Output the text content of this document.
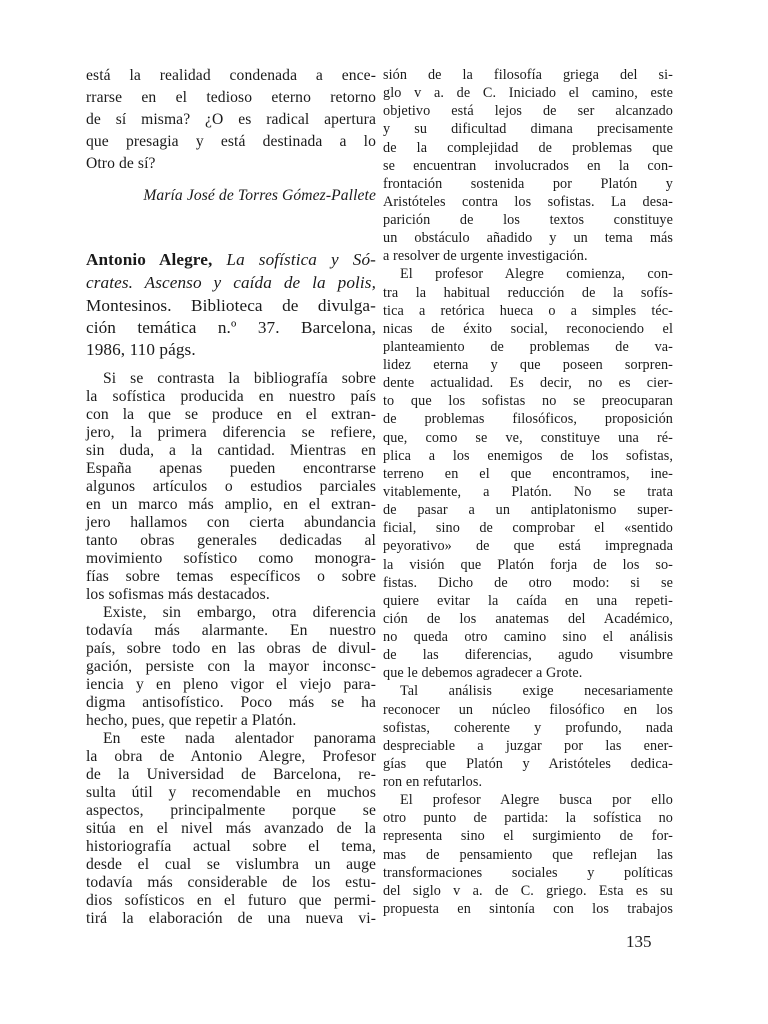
está la realidad condenada a ence-
rrarse en el tedioso eterno retorno
de sí misma? ¿O es radical apertura
que presagia y está destinada a lo
Otro de sí?
María José de Torres Gómez-Pallete
Antonio Alegre, La sofística y Só-
crates. Ascenso y caída de la polis,
Montesinos. Biblioteca de divulga-
ción temática n.º 37. Barcelona,
1986, 110 págs.
Si se contrasta la bibliografía sobre
la sofística producida en nuestro país
con la que se produce en el extran-
jero, la primera diferencia se refiere,
sin duda, a la cantidad. Mientras en
España apenas pueden encontrarse
algunos artículos o estudios parciales
en un marco más amplio, en el extran-
jero hallamos con cierta abundancia
tanto obras generales dedicadas al
movimiento sofístico como monogra-
fías sobre temas específicos o sobre
los sofismas más destacados.
Existe, sin embargo, otra diferencia
todavía más alarmante. En nuestro
país, sobre todo en las obras de divul-
gación, persiste con la mayor inconsc-
iencia y en pleno vigor el viejo para-
digma antisofístico. Poco más se ha
hecho, pues, que repetir a Platón.
En este nada alentador panorama
la obra de Antonio Alegre, Profesor
de la Universidad de Barcelona, re-
sulta útil y recomendable en muchos
aspectos, principalmente porque se
sitúa en el nivel más avanzado de la
historiografía actual sobre el tema,
desde el cual se vislumbra un auge
todavía más considerable de los estu-
dios sofísticos en el futuro que permi-
tirá la elaboración de una nueva vi-
sión de la filosofía griega del si-
glo v a. de C. Iniciado el camino, este
objetivo está lejos de ser alcanzado
y su dificultad dimana precisamente
de la complejidad de problemas que
se encuentran involucrados en la con-
frontación sostenida por Platón y
Aristóteles contra los sofistas. La desa-
parición de los textos constituye
un obstáculo añadido y un tema más
a resolver de urgente investigación.
El profesor Alegre comienza, con-
tra la habitual reducción de la sofís-
tica a retórica hueca o a simples téc-
nicas de éxito social, reconociendo el
planteamiento de problemas de va-
lidez eterna y que poseen sorpren-
dente actualidad. Es decir, no es cier-
to que los sofistas no se preocuparan
de problemas filosóficos, proposición
que, como se ve, constituye una ré-
plica a los enemigos de los sofistas,
terreno en el que encontramos, ine-
vitablemente, a Platón. No se trata
de pasar a un antiplatonismo super-
ficial, sino de comprobar el «sentido
peyorativo» de que está impregnada
la visión que Platón forja de los so-
fistas. Dicho de otro modo: si se
quiere evitar la caída en una repeti-
ción de los anatemas del Académico,
no queda otro camino sino el análisis
de las diferencias, agudo visumbre
que le debemos agradecer a Grote.
Tal análisis exige necesariamente
reconocer un núcleo filosófico en los
sofistas, coherente y profundo, nada
despreciable a juzgar por las ener-
gías que Platón y Aristóteles dedica-
ron en refutarlos.
El profesor Alegre busca por ello
otro punto de partida: la sofística no
representa sino el surgimiento de for-
mas de pensamiento que reflejan las
transformaciones sociales y políticas
del siglo v a. de C. griego. Esta es su
propuesta en sintonía con los trabajos
135
